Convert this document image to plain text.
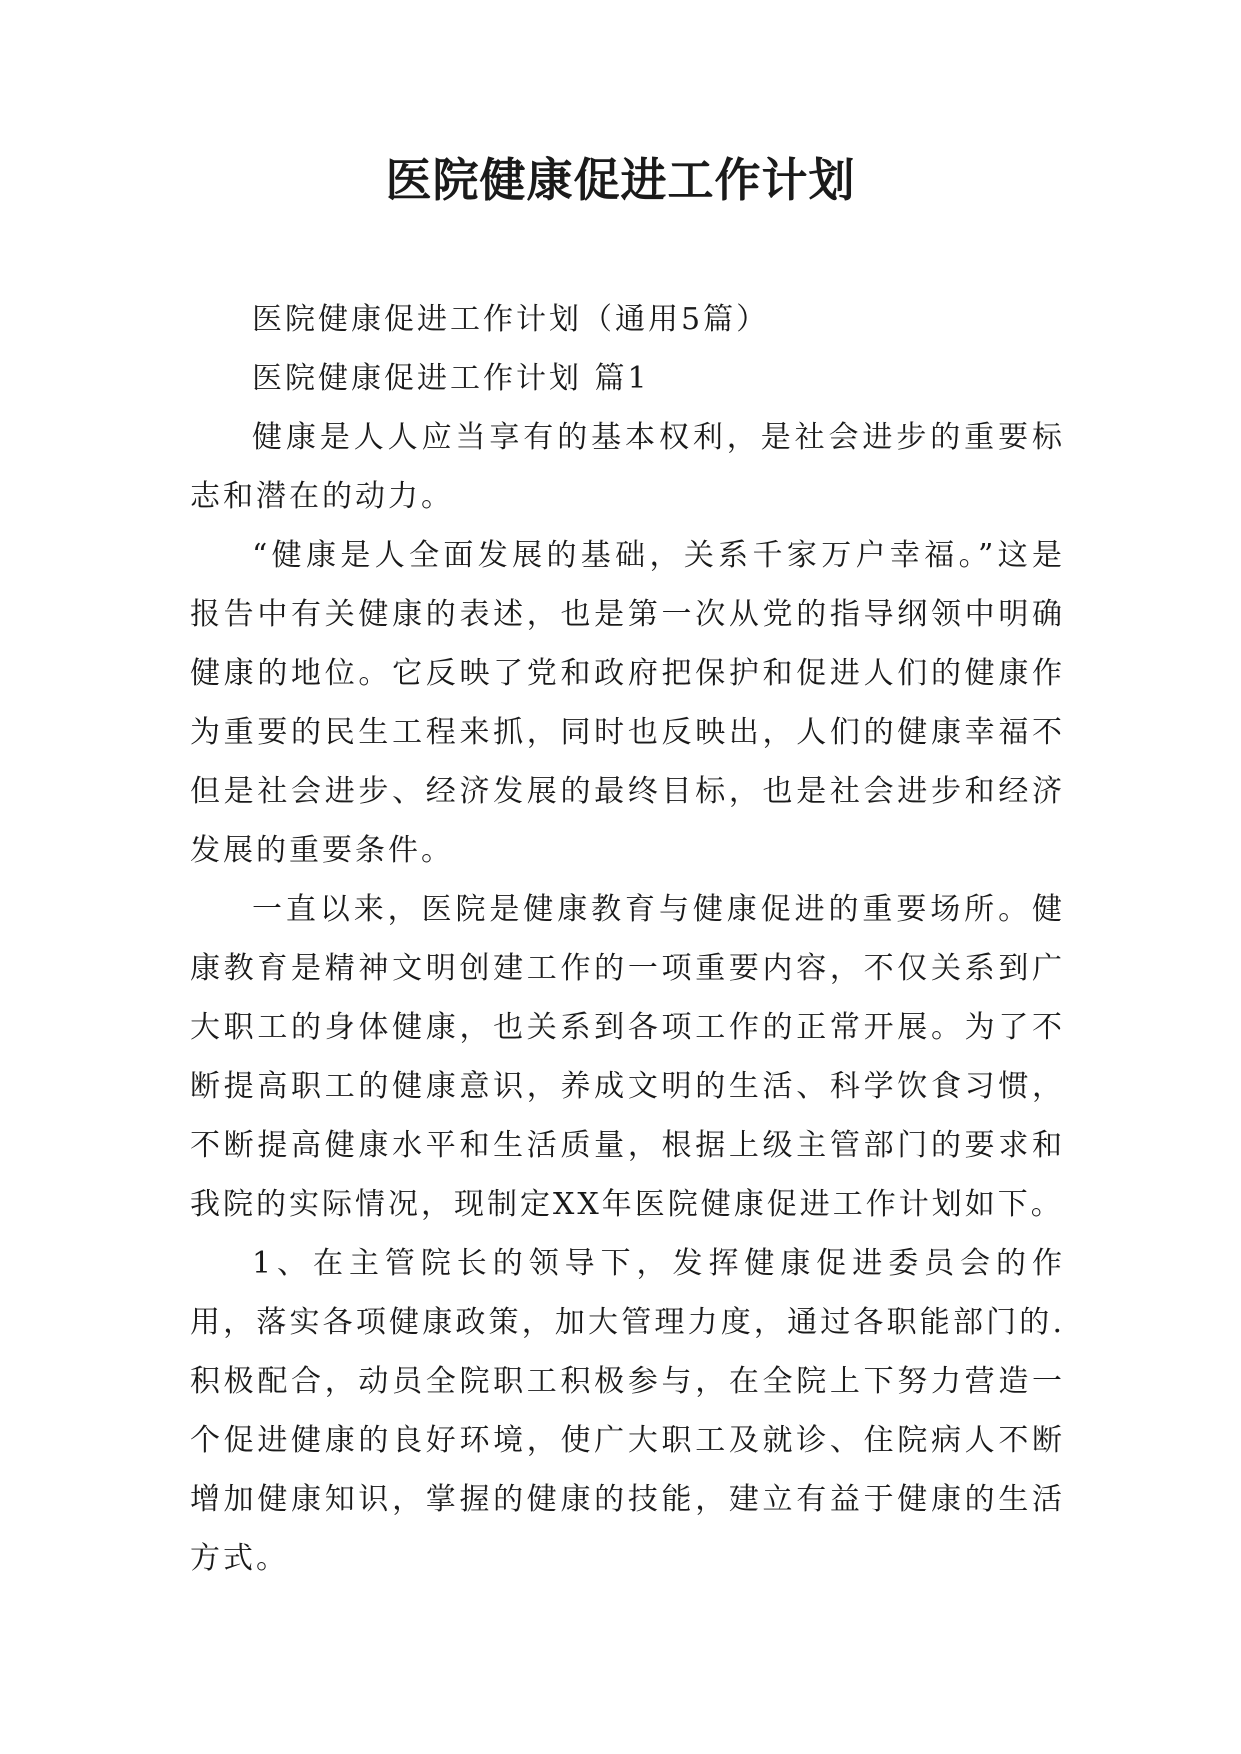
医院健康促进工作计划

医院健康促进工作计划（通用5篇）

医院健康促进工作计划 篇1

健康是人人应当享有的基本权利，是社会进步的重要标志和潜在的动力。

“健康是人全面发展的基础，关系千家万户幸福。”这是报告中有关健康的表述，也是第一次从党的指导纲领中明确健康的地位。它反映了党和政府把保护和促进人们的健康作为重要的民生工程来抓，同时也反映出，人们的健康幸福不但是社会进步、经济发展的最终目标，也是社会进步和经济发展的重要条件。

一直以来，医院是健康教育与健康促进的重要场所。健康教育是精神文明创建工作的一项重要内容，不仅关系到广大职工的身体健康，也关系到各项工作的正常开展。为了不断提高职工的健康意识，养成文明的生活、科学饮食习惯，不断提高健康水平和生活质量，根据上级主管部门的要求和我院的实际情况，现制定XX年医院健康促进工作计划如下。

1、在主管院长的领导下，发挥健康促进委员会的作用，落实各项健康政策，加大管理力度，通过各职能部门的.积极配合，动员全院职工积极参与，在全院上下努力营造一个促进健康的良好环境，使广大职工及就诊、住院病人不断增加健康知识，掌握的健康的技能，建立有益于健康的生活方式。
